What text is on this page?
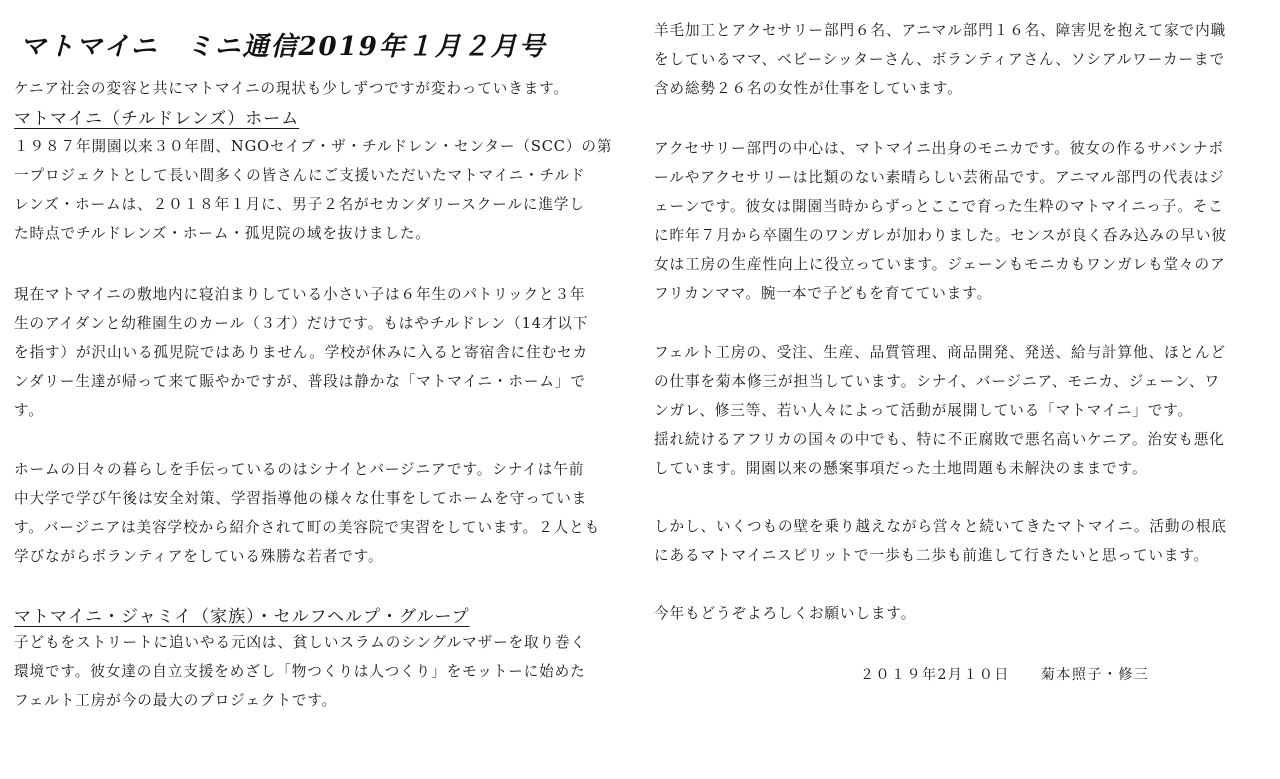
マトマイニ　ミニ通信2019年１月２月号
ケニア社会の変容と共にマトマイニの現状も少しずつですが変わっていきます。
マトマイニ（チルドレンズ）ホーム
１９８７年開園以来３０年間、NGOセイブ・ザ・チルドレン・センター（SCC）の第
一プロジェクトとして長い間多くの皆さんにご支援いただいたマトマイニ・チルド
レンズ・ホームは、２０１８年１月に、男子２名がセカンダリースクールに進学し
た時点でチルドレンズ・ホーム・孤児院の域を抜けました。
現在マトマイニの敷地内に寝泊まりしている小さい子は６年生のパトリックと３年
生のアイダンと幼稚園生のカール（３才）だけです。もはやチルドレン（14才以下
を指す）が沢山いる孤児院ではありません。学校が休みに入ると寄宿舎に住むセカ
ンダリー生達が帰って来て賑やかですが、普段は静かな「マトマイニ・ホーム」で
す。
ホームの日々の暮らしを手伝っているのはシナイとバージニアです。シナイは午前
中大学で学び午後は安全対策、学習指導他の様々な仕事をしてホームを守っていま
す。バージニアは美容学校から紹介されて町の美容院で実習をしています。２人とも
学びながらボランティアをしている殊勝な若者です。
マトマイニ・ジャミイ（家族）・セルフヘルプ・グループ
子どもをストリートに追いやる元凶は、貧しいスラムのシングルマザーを取り巻く
環境です。彼女達の自立支援をめざし「物つくりは人つくり」をモットーに始めた
フェルト工房が今の最大のプロジェクトです。
羊毛加工とアクセサリー部門６名、アニマル部門１６名、障害児を抱えて家で内職
をしているママ、ベビーシッターさん、ボランティアさん、ソシアルワーカーまで
含め総勢２６名の女性が仕事をしています。
アクセサリー部門の中心は、マトマイニ出身のモニカです。彼女の作るサバンナボ
ールやアクセサリーは比類のない素晴らしい芸術品です。アニマル部門の代表はジ
ェーンです。彼女は開園当時からずっとここで育った生粋のマトマイニっ子。そこ
に昨年７月から卒園生のワンガレが加わりました。センスが良く呑み込みの早い彼
女は工房の生産性向上に役立っています。ジェーンもモニカもワンガレも堂々のア
フリカンママ。腕一本で子どもを育てています。
フェルト工房の、受注、生産、品質管理、商品開発、発送、給与計算他、ほとんど
の仕事を菊本修三が担当しています。シナイ、バージニア、モニカ、ジェーン、ワ
ンガレ、修三等、若い人々によって活動が展開している「マトマイニ」です。
揺れ続けるアフリカの国々の中でも、特に不正腐敗で悪名高いケニア。治安も悪化
しています。開園以来の懸案事項だった土地問題も未解決のままです。
しかし、いくつもの壁を乗り越えながら営々と続いてきたマトマイニ。活動の根底
にあるマトマイニスピリットで一歩も二歩も前進して行きたいと思っています。
今年もどうぞよろしくお願いします。
２０１９年2月１０日　　菊本照子・修三
